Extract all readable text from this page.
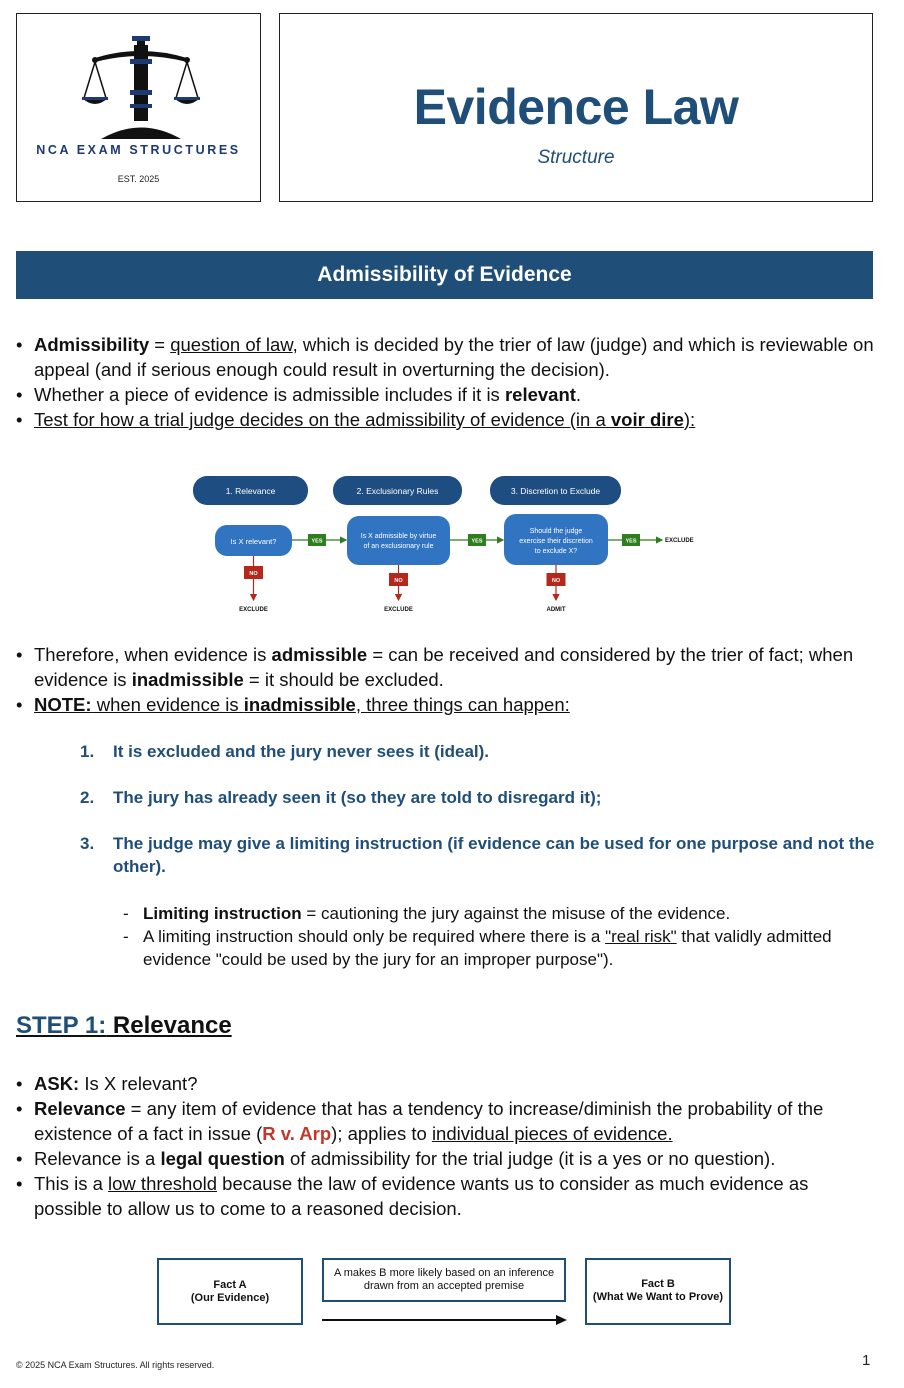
NCA EXAM STRUCTURES
EST. 2025
Evidence Law
Structure
Admissibility of Evidence
• Admissibility = question of law, which is decided by the trier of law (judge) and which is reviewable on appeal (and if serious enough could result in overturning the decision).
• Whether a piece of evidence is admissible includes if it is relevant.
• Test for how a trial judge decides on the admissibility of evidence (in a voir dire):
1. Relevance	2. Exclusionary Rules	3. Discretion to Exclude
Is X relevant?
Is X admissible by virtue
of an exclusionary rule
Should the judge
exercise their discretion
to exclude X?
YES	YES	YES	EXCLUDE
NO
EXCLUDE
NO
EXCLUDE
NO
ADMIT
• Therefore, when evidence is admissible = can be received and considered by the trier of fact; when evidence is inadmissible = it should be excluded.
• NOTE: when evidence is inadmissible, three things can happen:
1. It is excluded and the jury never sees it (ideal).
2. The jury has already seen it (so they are told to disregard it);
3. The judge may give a limiting instruction (if evidence can be used for one purpose and not the other).
- Limiting instruction = cautioning the jury against the misuse of the evidence.
- A limiting instruction should only be required where there is a "real risk" that validly admitted evidence "could be used by the jury for an improper purpose").
STEP 1: Relevance
• ASK: Is X relevant?
• Relevance = any item of evidence that has a tendency to increase/diminish the probability of the existence of a fact in issue (R v. Arp); applies to individual pieces of evidence.
• Relevance is a legal question of admissibility for the trial judge (it is a yes or no question).
• This is a low threshold because the law of evidence wants us to consider as much evidence as possible to allow us to come to a reasoned decision.
Fact A
(Our Evidence)
A makes B more likely based on an inference
drawn from an accepted premise	Fact B
(What We Want to Prove)
© 2025 NCA Exam Structures. All rights reserved.	1
